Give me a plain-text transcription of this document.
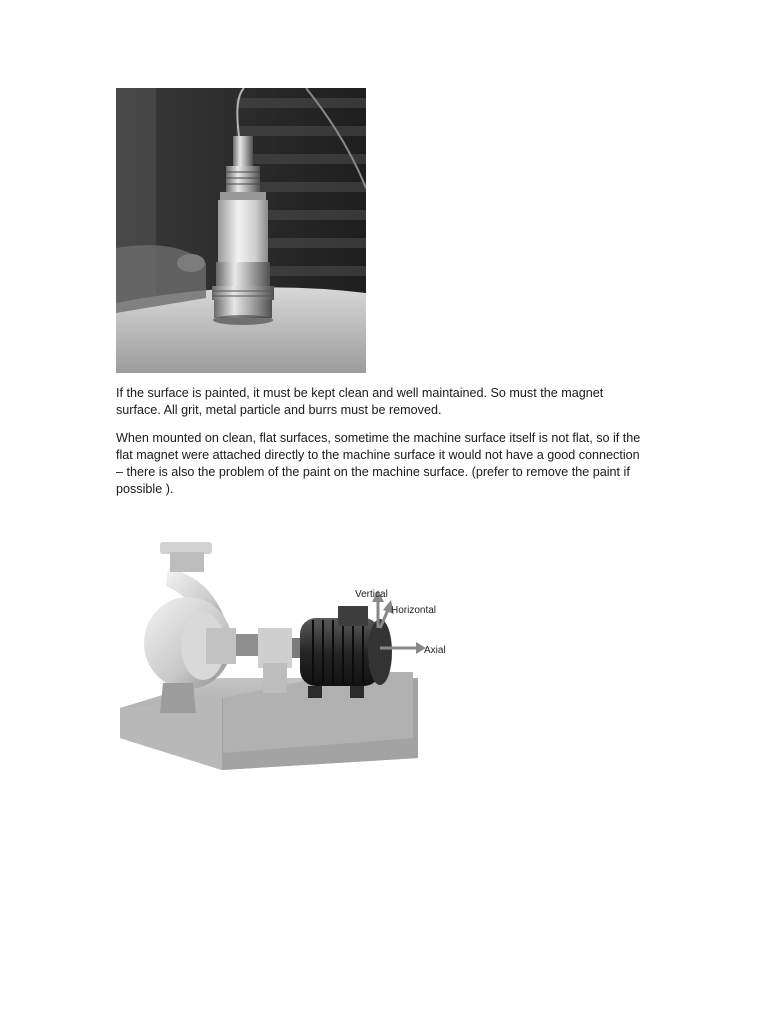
If the surface is painted, it must be kept clean and well maintained. So must the magnet surface. All grit, metal particle and burrs must be removed.

When mounted on clean, flat surfaces, sometime the machine surface itself is not flat, so if the flat magnet were attached directly to the machine surface it would not have a good connection – there is also the problem of the paint on the machine surface. (prefer to remove the paint if possible ).

Vertical
Horizontal
Axial
